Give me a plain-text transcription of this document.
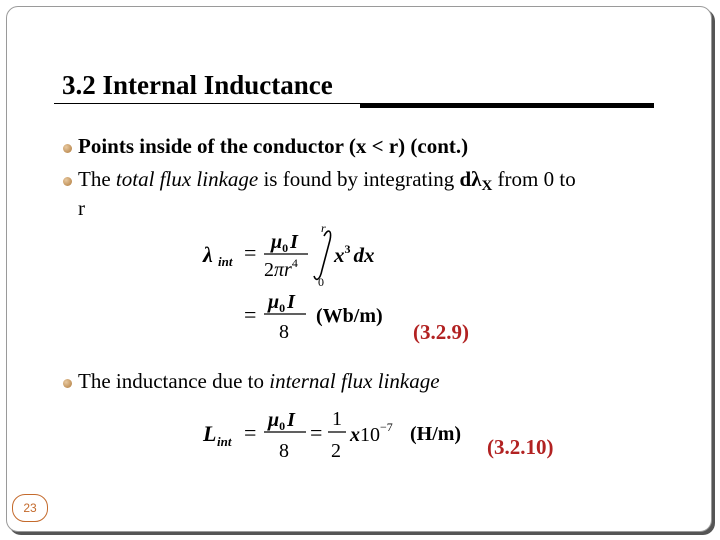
3.2 Internal Inductance
Points inside of the conductor (x < r) (cont.)
The total flux linkage is found by integrating dλX from 0 to
r
λ int = $\mu_0$ I
$2\pi r^4$
r
0
$x^3$ dx
= $\mu_0$ I
8
(Wb/m)
L int = $\mu_0$ I
8
=
1
2
$x10^{-7}$ (H/m)
(3.2.9)
The inductance due to internal flux linkage
(3.2.10)
23
